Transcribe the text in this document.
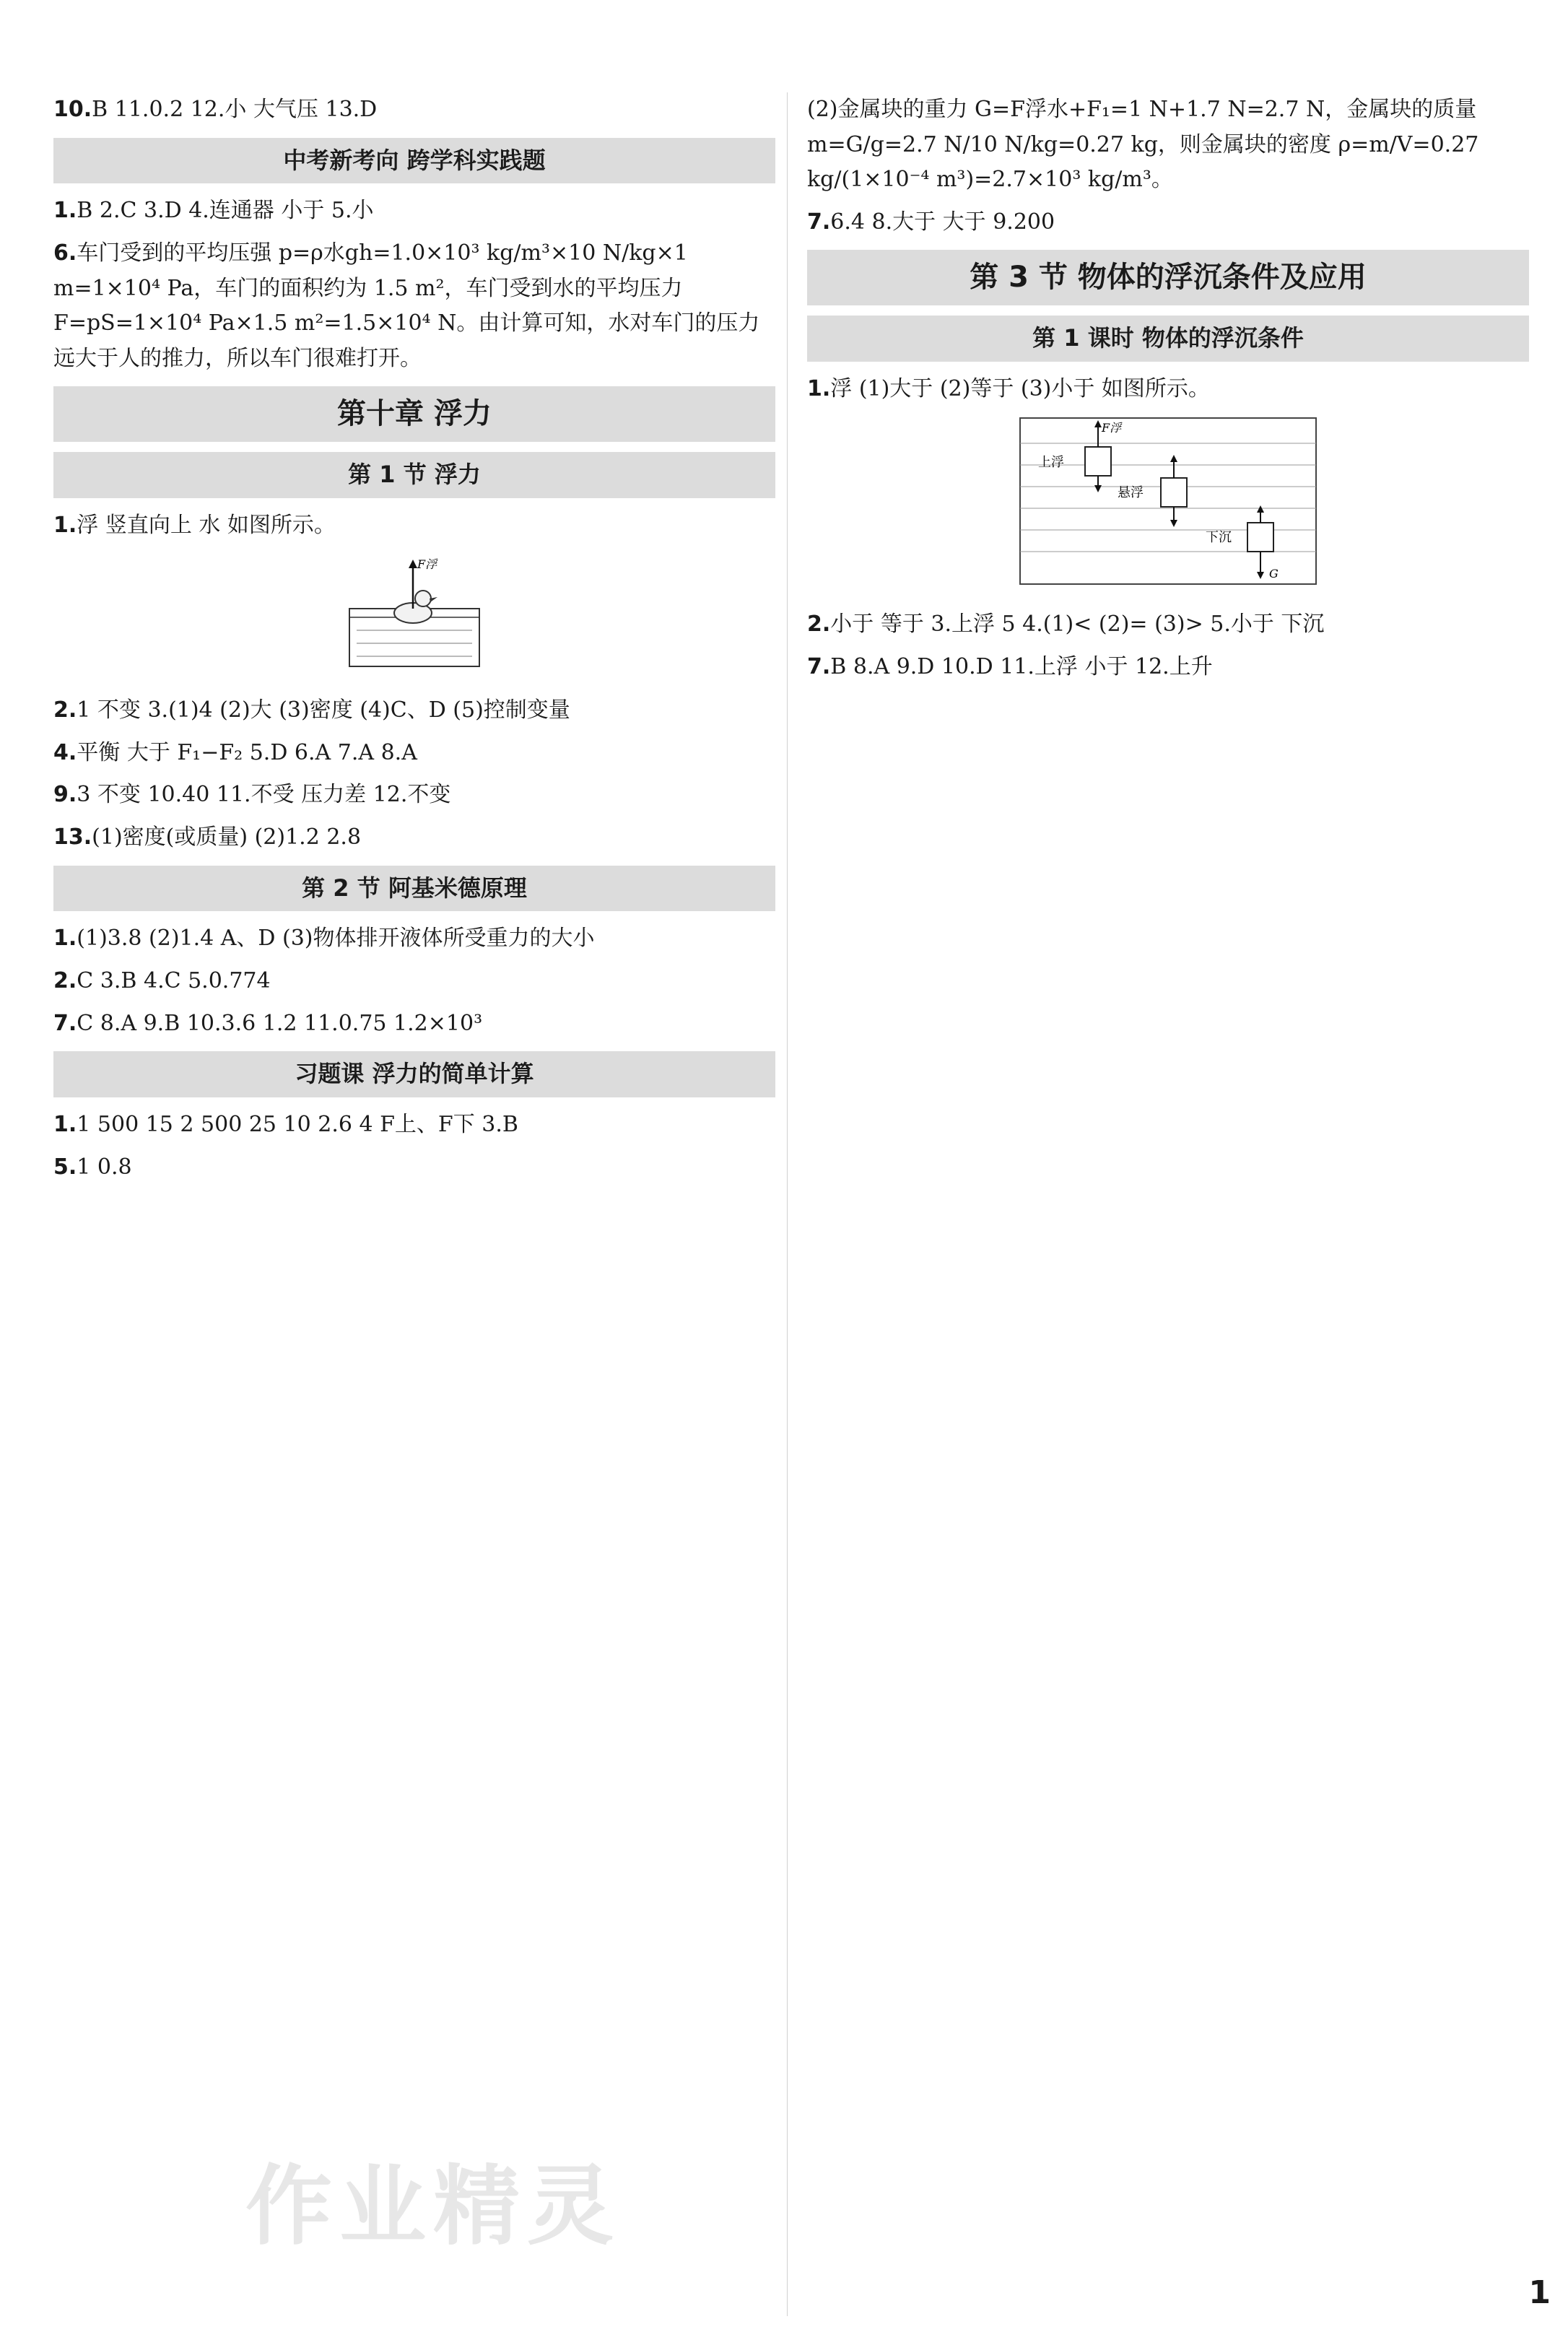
作业精灵

10.B 11.0.2 12.小 大气压 13.D

中考新考向 跨学科实践题

1.B 2.C 3.D 4.连通器 小于 5.小

6.车门受到的平均压强 p=ρ水gh=1.0×10³ kg/m³×10 N/kg×1 m=1×10⁴ Pa，车门的面积约为 1.5 m²，车门受到水的平均压力 F=pS=1×10⁴ Pa×1.5 m²=1.5×10⁴ N。由计算可知，水对车门的压力远大于人的推力，所以车门很难打开。

第十章 浮力
第 1 节 浮力

1.浮 竖直向上 水 如图所示。

F浮

2.1 不变 3.(1)4 (2)大 (3)密度 (4)C、D (5)控制变量

4.平衡 大于 F₁−F₂ 5.D 6.A 7.A 8.A

9.3 不变 10.40 11.不受 压力差 12.不变

13.(1)密度(或质量) (2)1.2 2.8

第 2 节 阿基米德原理

1.(1)3.8 (2)1.4 A、D (3)物体排开液体所受重力的大小

2.C 3.B 4.C 5.0.774

7.C 8.A 9.B 10.3.6 1.2 11.0.75 1.2×10³

习题课 浮力的简单计算

1.1 500 15 2 500 25 10 2.6 4 F上、F下 3.B

5.1 0.8

(2)金属块的重力 G=F浮水+F₁=1 N+1.7 N=2.7 N，金属块的质量 m=G/g=2.7 N/10 N/kg=0.27 kg，则金属块的密度 ρ=m/V=0.27 kg/(1×10⁻⁴ m³)=2.7×10³ kg/m³。

7.6.4 8.大于 大于 9.200

第 3 节 物体的浮沉条件及应用
第 1 课时 物体的浮沉条件

1.浮 (1)大于 (2)等于 (3)小于 如图所示。

上浮
F浮
悬浮
下沉
G

2.小于 等于 3.上浮 5 4.(1)< (2)= (3)> 5.小于 下沉

7.B 8.A 9.D 10.D 11.上浮 小于 12.上升

1
